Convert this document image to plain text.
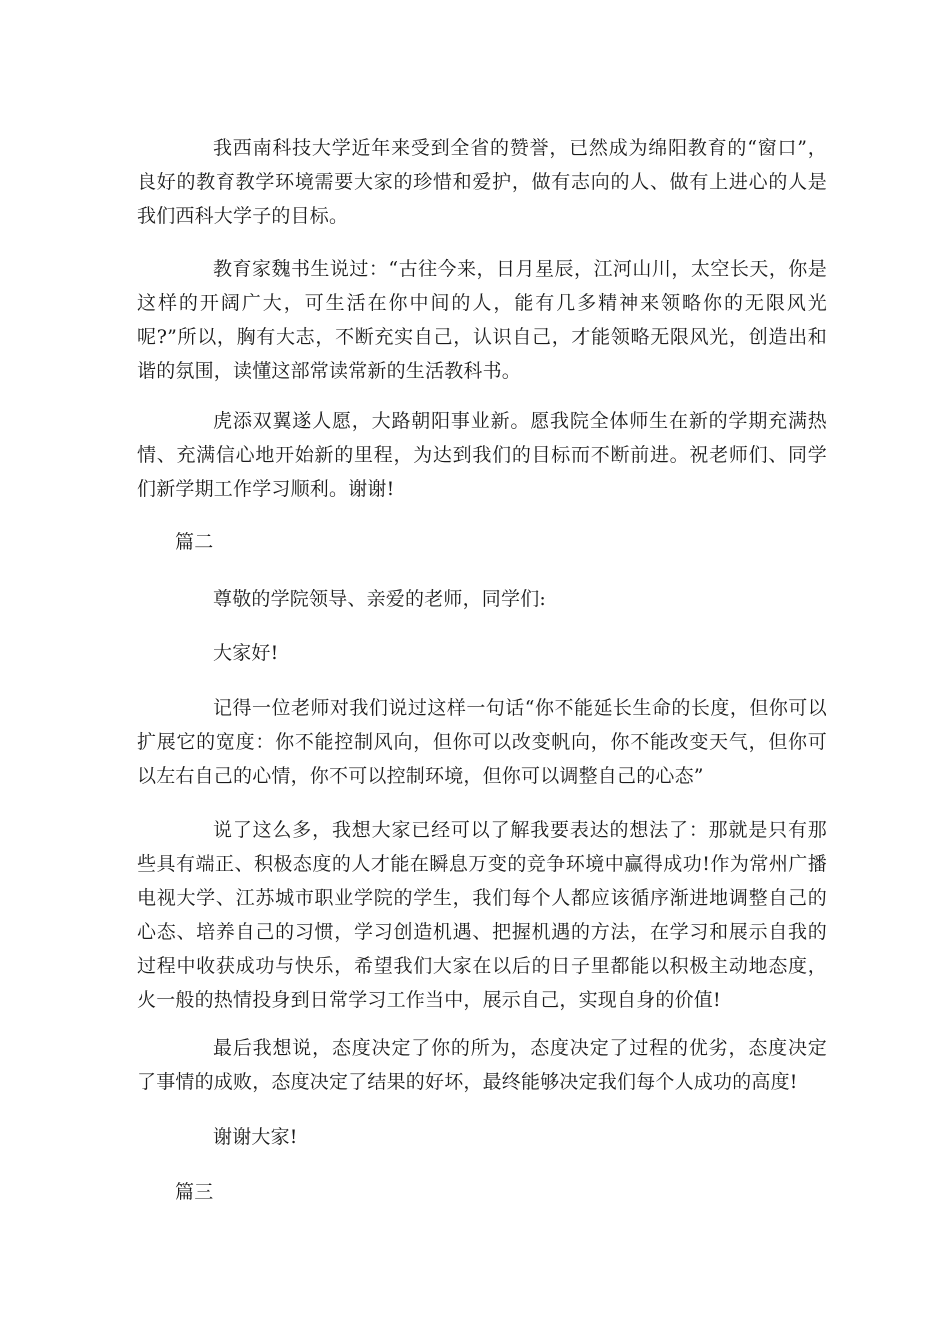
我西南科技大学近年来受到全省的赞誉，已然成为绵阳教育的“窗口”，良好的教育教学环境需要大家的珍惜和爱护，做有志向的人、做有上进心的人是我们西科大学子的目标。

教育家魏书生说过：“古往今来，日月星辰，江河山川，太空长天，你是这样的开阔广大，可生活在你中间的人，能有几多精神来领略你的无限风光呢?”所以，胸有大志，不断充实自己，认识自己，才能领略无限风光，创造出和谐的氛围，读懂这部常读常新的生活教科书。

虎添双翼遂人愿，大路朝阳事业新。愿我院全体师生在新的学期充满热情、充满信心地开始新的里程，为达到我们的目标而不断前进。祝老师们、同学们新学期工作学习顺利。谢谢!

篇二

尊敬的学院领导、亲爱的老师，同学们:

大家好!

记得一位老师对我们说过这样一句话“你不能延长生命的长度，但你可以扩展它的宽度：你不能控制风向，但你可以改变帆向，你不能改变天气，但你可以左右自己的心情，你不可以控制环境，但你可以调整自己的心态”

说了这么多，我想大家已经可以了解我要表达的想法了：那就是只有那些具有端正、积极态度的人才能在瞬息万变的竞争环境中赢得成功!作为常州广播电视大学、江苏城市职业学院的学生，我们每个人都应该循序渐进地调整自己的心态、培养自己的习惯，学习创造机遇、把握机遇的方法，在学习和展示自我的过程中收获成功与快乐，希望我们大家在以后的日子里都能以积极主动地态度，火一般的热情投身到日常学习工作当中，展示自己，实现自身的价值!

最后我想说，态度决定了你的所为，态度决定了过程的优劣，态度决定了事情的成败，态度决定了结果的好坏，最终能够决定我们每个人成功的高度!

谢谢大家!

篇三
